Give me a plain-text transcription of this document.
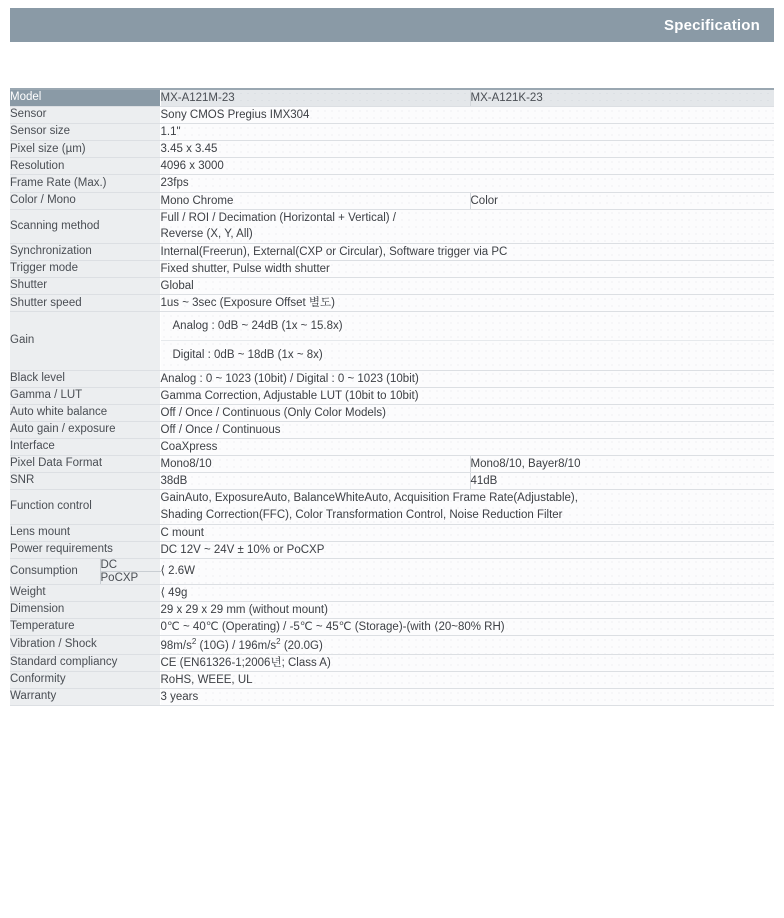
Specification
Model		MX-A121M-23	MX-A121K-23
Sensor		Sony CMOS Pregius IMX304	
Sensor size		1.1"	
Pixel size (µm)		3.45 x 3.45	
Resolution		4096 x 3000	
Frame Rate (Max.)		23fps	
Color / Mono		Mono Chrome	Color
Scanning method		Full / ROI / Decimation (Horizontal + Vertical) /
Reverse (X, Y, All)	

Synchronization		Internal(Freerun), External(CXP or Circular), Software trigger via PC	
Trigger mode		Fixed shutter, Pulse width shutter	
Shutter		Global	
Shutter speed		1us ~ 3sec (Exposure Offset 별도)	
Gain		Analog : 0dB ~ 24dB (1x ~ 15.8x)
Digital : 0dB ~ 18dB (1x ~ 8x)	

Black level		Analog : 0 ~ 1023 (10bit) / Digital : 0 ~ 1023 (10bit)	
Gamma / LUT		Gamma Correction, Adjustable LUT (10bit to 10bit)	
Auto white balance		Off / Once / Continuous (Only Color Models)	
Auto gain / exposure		Off / Once / Continuous	
Interface		CoaXpress	
Pixel Data Format		Mono8/10	Mono8/10, Bayer8/10
SNR		38dB	41dB
Function control		GainAuto, ExposureAuto, BalanceWhiteAuto, Acquisition Frame Rate(Adjustable),
Shading Correction(FFC), Color Transformation Control, Noise Reduction Filter	

Lens mount		C mount	
Power requirements		DC 12V ~ 24V ± 10% or PoCXP	
Consumption	DC	⟨ 2.6W	
	PoCXP		
Weight		⟨ 49g	
Dimension		29 x 29 x 29 mm (without mount)	
Temperature		0℃ ~ 40℃ (Operating) / -5℃ ~ 45℃ (Storage)-(with ⟨20~80% RH)	
Vibration / Shock		$98m/s^2$ $(10G) / 196m/s^2$ (20.0G)	
Standard compliancy		CE (EN61326-1;2006년; Class A)	
Conformity		RoHS, WEEE, UL	
Warranty		3 years	
